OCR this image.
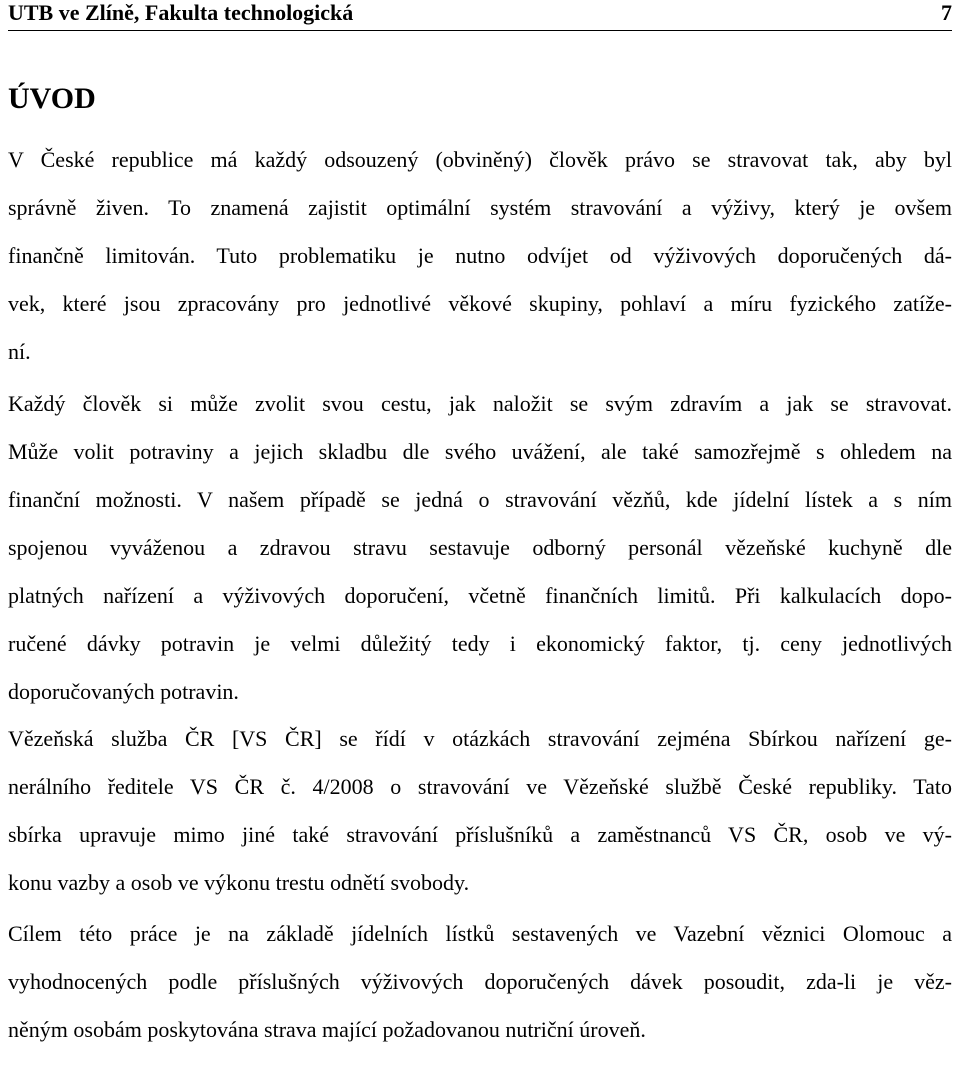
UTB ve Zlíně, Fakulta technologická	7
ÚVOD
V České republice má každý odsouzený (obviněný) člověk právo se stravovat tak, aby byl
správně živen. To znamená zajistit optimální systém stravování a výživy, který je ovšem
finančně limitován. Tuto problematiku je nutno odvíjet od výživových doporučených dá-
vek, které jsou zpracovány pro jednotlivé věkové skupiny, pohlaví a míru fyzického zatíže-
ní.
Každý člověk si může zvolit svou cestu, jak naložit se svým zdravím a jak se stravovat.
Může volit potraviny a jejich skladbu dle svého uvážení, ale také samozřejmě s ohledem na
finanční možnosti. V našem případě se jedná o stravování vězňů, kde jídelní lístek a s ním
spojenou vyváženou a zdravou stravu sestavuje odborný personál vězeňské kuchyně dle
platných nařízení a výživových doporučení, včetně finančních limitů. Při kalkulacích dopo-
ručené dávky potravin je velmi důležitý tedy i ekonomický faktor, tj. ceny jednotlivých
doporučovaných potravin.
Vězeňská služba ČR [VS ČR] se řídí v otázkách stravování zejména Sbírkou nařízení ge-
nerálního ředitele VS ČR č. 4/2008 o stravování ve Vězeňské službě České republiky. Tato
sbírka upravuje mimo jiné také stravování příslušníků a zaměstnanců VS ČR, osob ve vý-
konu vazby a osob ve výkonu trestu odnětí svobody.
Cílem této práce je na základě jídelních lístků sestavených ve Vazební věznici Olomouc a
vyhodnocených podle příslušných výživových doporučených dávek posoudit, zda-li je věz-
něným osobám poskytována strava mající požadovanou nutriční úroveň.
